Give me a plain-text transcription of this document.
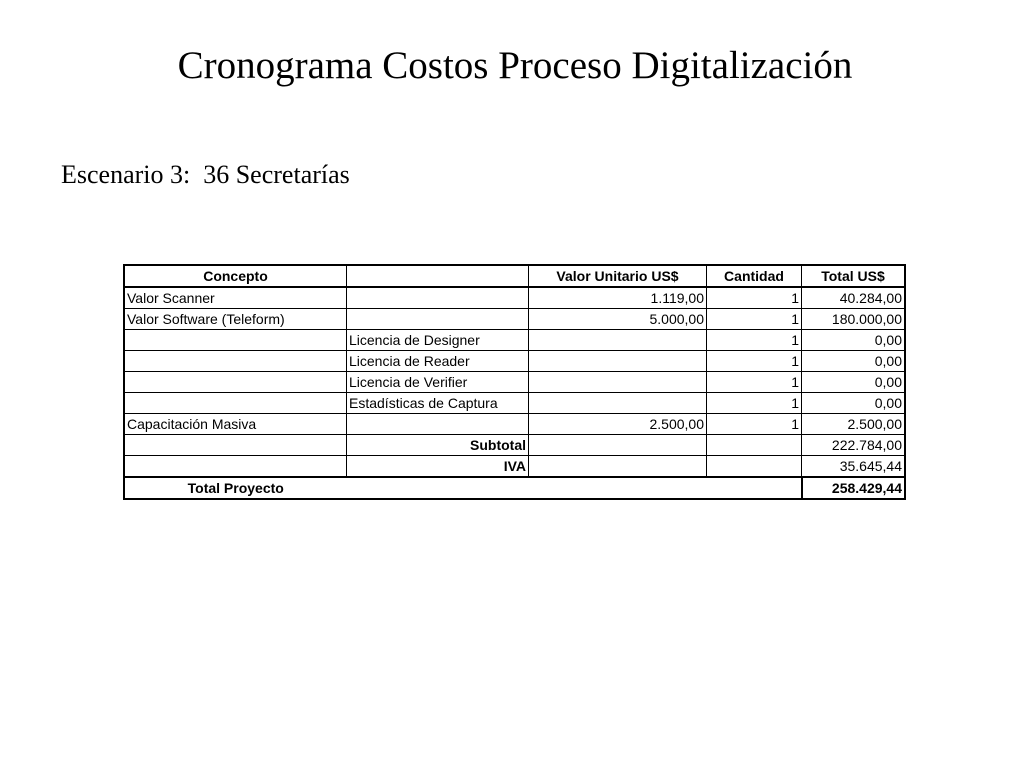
Cronograma Costos Proceso Digitalización
Escenario 3:  36 Secretarías
Concepto		Valor Unitario US$	Cantidad	Total US$
Valor Scanner		1.119,00	1	40.284,00
Valor Software (Teleform)		5.000,00	1	180.000,00
	Licencia de Designer		1	0,00
	Licencia de Reader		1	0,00
	Licencia de Verifier		1	0,00
	Estadísticas de Captura		1	0,00
Capacitación Masiva		2.500,00	1	2.500,00
	Subtotal			222.784,00
	IVA			35.645,44
Total Proyecto				258.429,44
